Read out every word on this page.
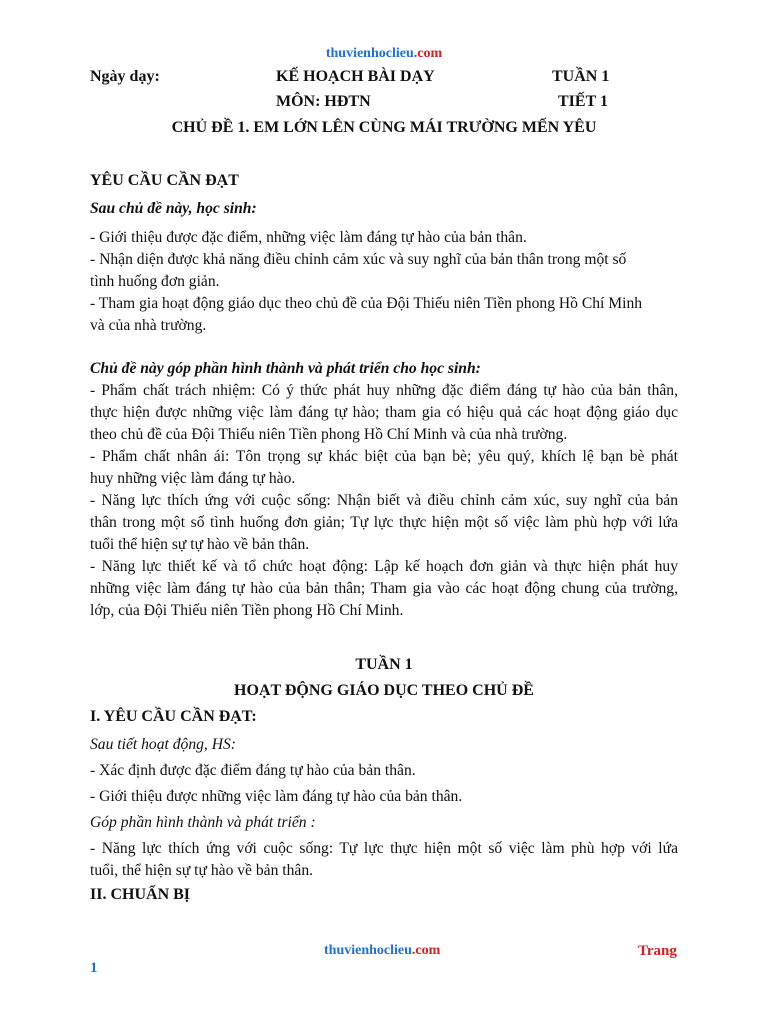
thuvienhoclieu.com
Ngày dạy:	KẾ HOẠCH BÀI DẠY	TUẦN 1
MÔN: HĐTN	TIẾT 1
CHỦ ĐỀ 1. EM LỚN LÊN CÙNG MÁI TRƯỜNG MẾN YÊU
YÊU CẦU CẦN ĐẠT
Sau chủ đề này, học sinh:
- Giới thiệu được đặc điểm, những việc làm đáng tự hào của bản thân.
- Nhận diện được khả năng điều chỉnh cảm xúc và suy nghĩ của bản thân trong một số
tình huống đơn giản.
- Tham gia hoạt động giáo dục theo chủ đề của Đội Thiếu niên Tiền phong Hồ Chí Minh
và của nhà trường.
Chủ đề này góp phần hình thành và phát triển cho học sinh:
- Phẩm chất trách nhiệm: Có ý thức phát huy những đặc điểm đáng tự hào của bản thân,
thực hiện được những việc làm đáng tự hào; tham gia có hiệu quả các hoạt động giáo dục
theo chủ đề của Đội Thiếu niên Tiền phong Hồ Chí Minh và của nhà trường.
- Phẩm chất nhân ái: Tôn trọng sự khác biệt của bạn bè; yêu quý, khích lệ bạn bè phát
huy những việc làm đáng tự hào.
- Năng lực thích ứng với cuộc sống: Nhận biết và điều chỉnh cảm xúc, suy nghĩ của bản
thân trong một số tình huống đơn giản; Tự lực thực hiện một số việc làm phù hợp với lứa
tuổi thể hiện sự tự hào về bản thân.
- Năng lực thiết kế và tổ chức hoạt động: Lập kế hoạch đơn giản và thực hiện phát huy
những việc làm đáng tự hào của bản thân; Tham gia vào các hoạt động chung của trường,
lớp, của Đội Thiếu niên Tiền phong Hồ Chí Minh.
TUẦN 1
HOẠT ĐỘNG GIÁO DỤC THEO CHỦ ĐỀ
I. YÊU CẦU CẦN ĐẠT:
Sau tiết hoạt động, HS:
- Xác định được đặc điểm đáng tự hào của bản thân.
- Giới thiệu được những việc làm đáng tự hào của bản thân.
Góp phần hình thành và phát triển :
- Năng lực thích ứng với cuộc sống: Tự lực thực hiện một số việc làm phù hợp với lứa
tuổi, thể hiện sự tự hào về bản thân.
II. CHUẨN BỊ
thuvienhoclieu.com	Trang
1
